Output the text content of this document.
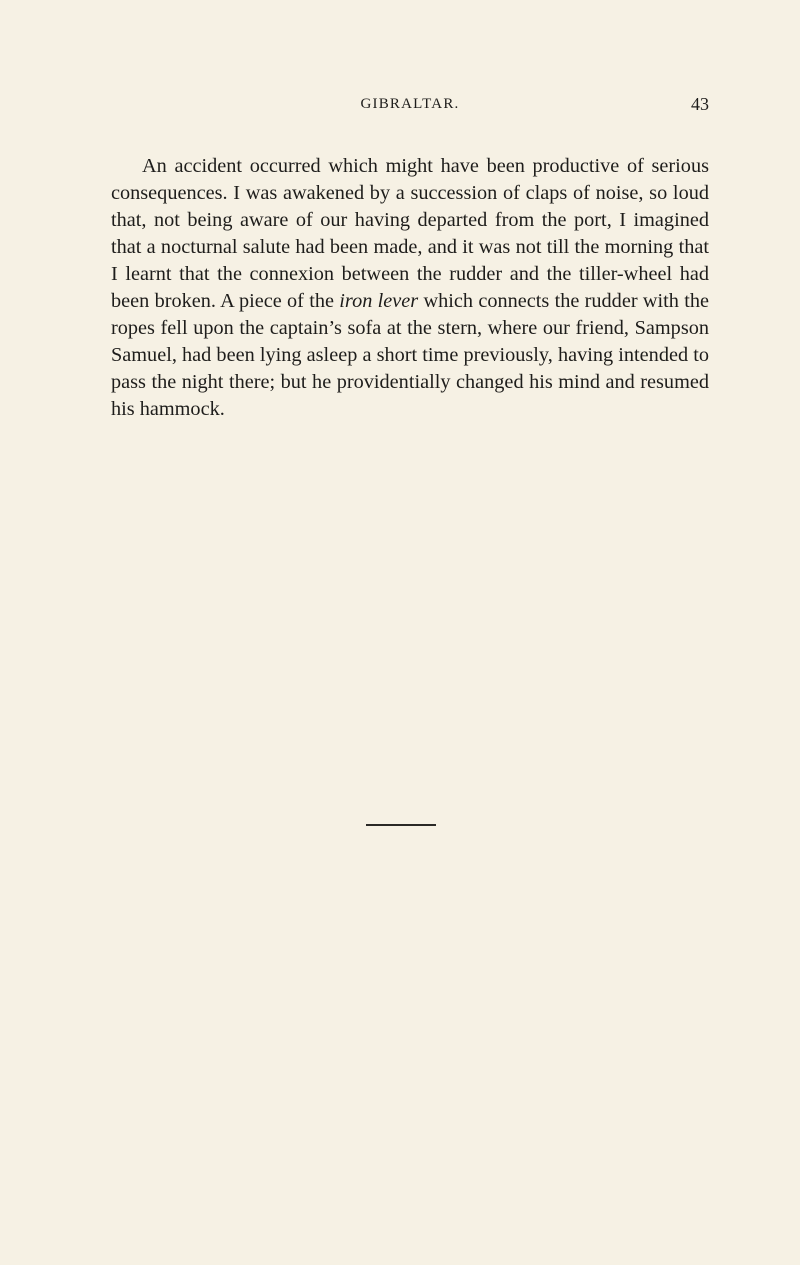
GIBRALTAR.	43

An accident occurred which might have been productive of serious consequences. I was awakened by a succession of claps of noise, so loud that, not being aware of our having departed from the port, I imagined that a nocturnal salute had been made, and it was not till the morning that I learnt that the connexion between the rudder and the tiller-wheel had been broken. A piece of the iron lever which connects the rudder with the ropes fell upon the captain’s sofa at the stern, where our friend, Sampson Samuel, had been lying asleep a short time previously, having intended to pass the night there; but he providentially changed his mind and resumed his hammock.
